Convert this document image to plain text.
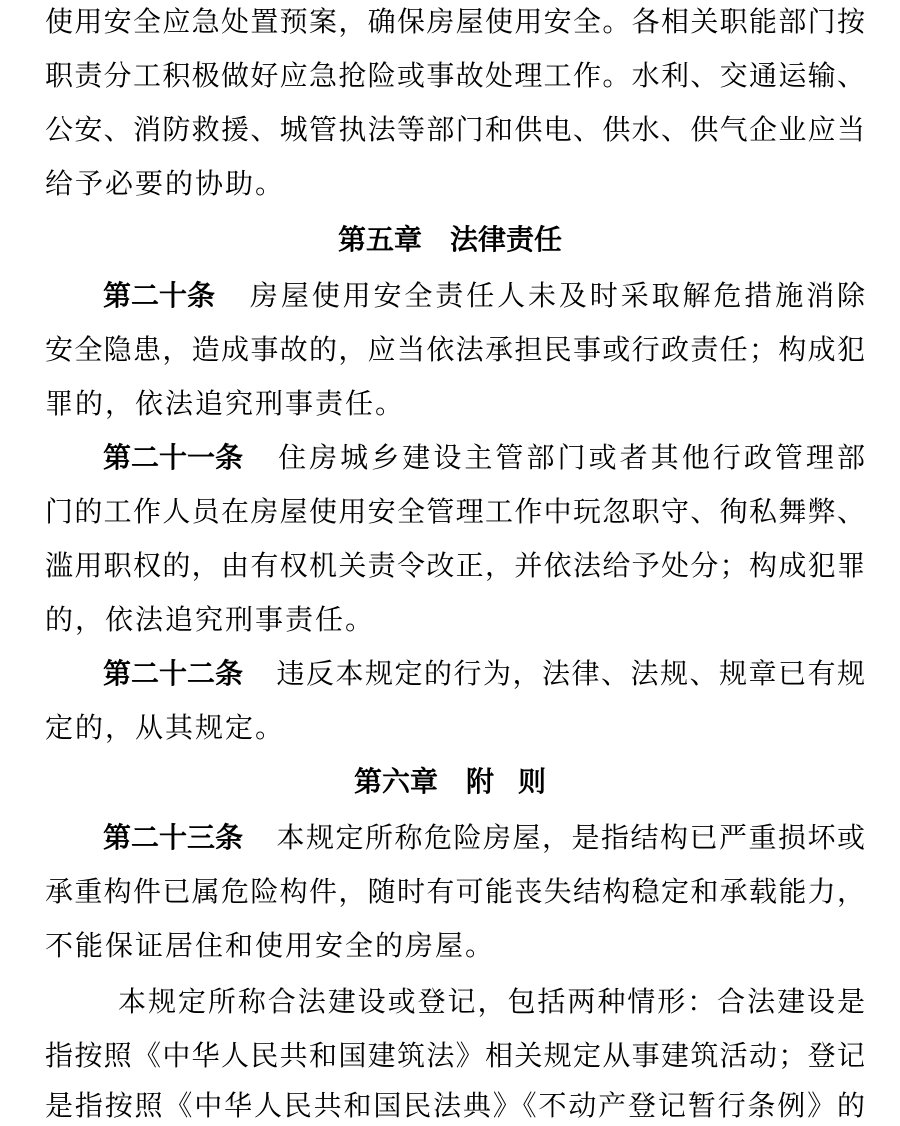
使用安全应急处置预案，确保房屋使用安全。各相关职能部门按
职责分工积极做好应急抢险或事故处理工作。水利、交通运输、
公安、消防救援、城管执法等部门和供电、供水、供气企业应当
给予必要的协助。
第五章 法律责任
第二十条 房屋使用安全责任人未及时采取解危措施消除
安全隐患，造成事故的，应当依法承担民事或行政责任；构成犯
罪的，依法追究刑事责任。
第二十一条 住房城乡建设主管部门或者其他行政管理部
门的工作人员在房屋使用安全管理工作中玩忽职守、徇私舞弊、
滥用职权的，由有权机关责令改正，并依法给予处分；构成犯罪
的，依法追究刑事责任。
第二十二条 违反本规定的行为，法律、法规、规章已有规
定的，从其规定。
第六章 附 则
第二十三条 本规定所称危险房屋，是指结构已严重损坏或
承重构件已属危险构件，随时有可能丧失结构稳定和承载能力，
不能保证居住和使用安全的房屋。
本规定所称合法建设或登记，包括两种情形：合法建设是
指按照《中华人民共和国建筑法》相关规定从事建筑活动；登记
是指按照《中华人民共和国民法典》《不动产登记暂行条例》的
